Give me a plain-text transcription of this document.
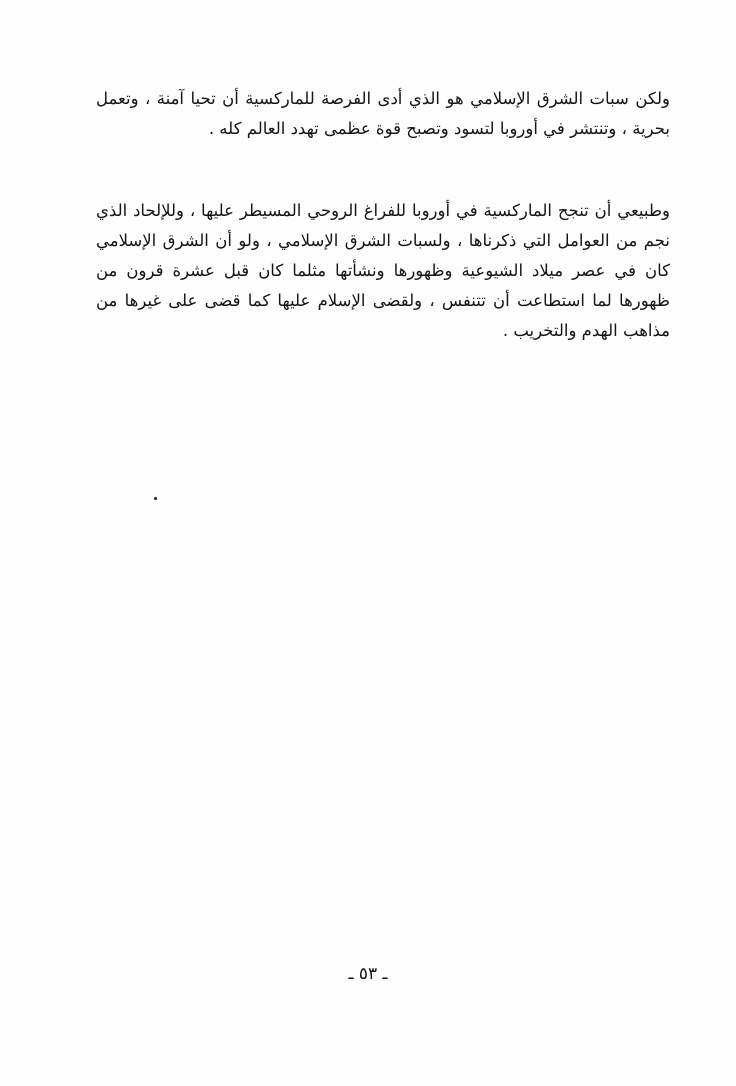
ولكن سبات الشرق الإسلامي هو الذي أدى الفرصة للماركسية أن تحيا آمنة ، وتعمل بحرية ، وتنتشر في أوروبا لتسود وتصبح قوة عظمى تهدد العالم كله .

وطبيعي أن تنجح الماركسية في أوروبا للفراغ الروحي المسيطر عليها ، وللإلحاد الذي نجم من العوامل التي ذكرناها ، ولسبات الشرق الإسلامي ، ولو أن الشرق الإسلامي كان في عصر ميلاد الشيوعية وظهورها ونشأتها مثلما كان قبل عشرة قرون من ظهورها لما استطاعت أن تتنفس ، ولقضى الإسلام عليها كما قضى على غيرها من مذاهب الهدم والتخريب .

ـ ٥٣ ـ
